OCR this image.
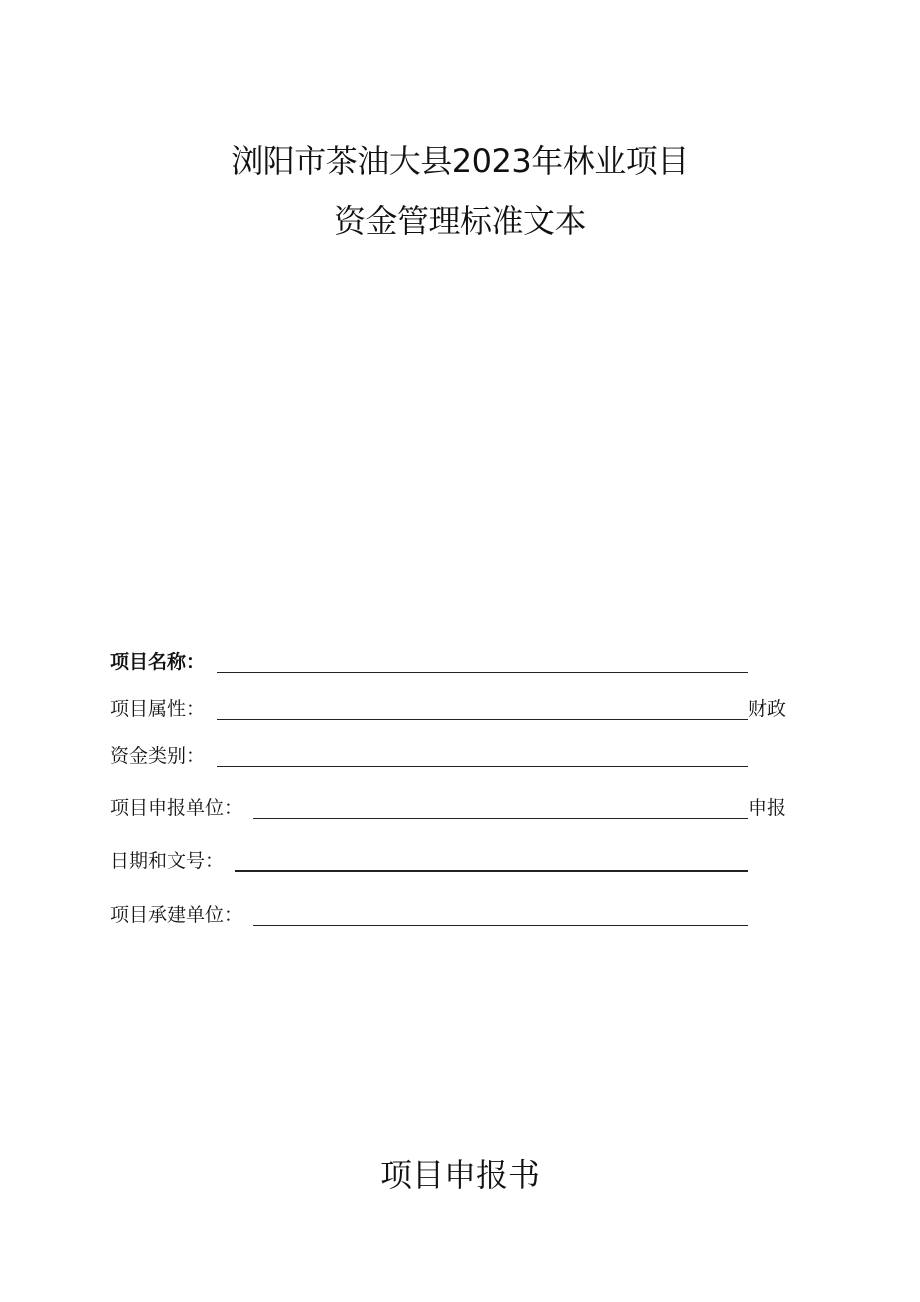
浏阳市茶油大县2023年林业项目
资金管理标准文本
项目名称：
项目属性：	财政
资金类别：
项目申报单位：	申报
日期和文号：
项目承建单位：
项目申报书
